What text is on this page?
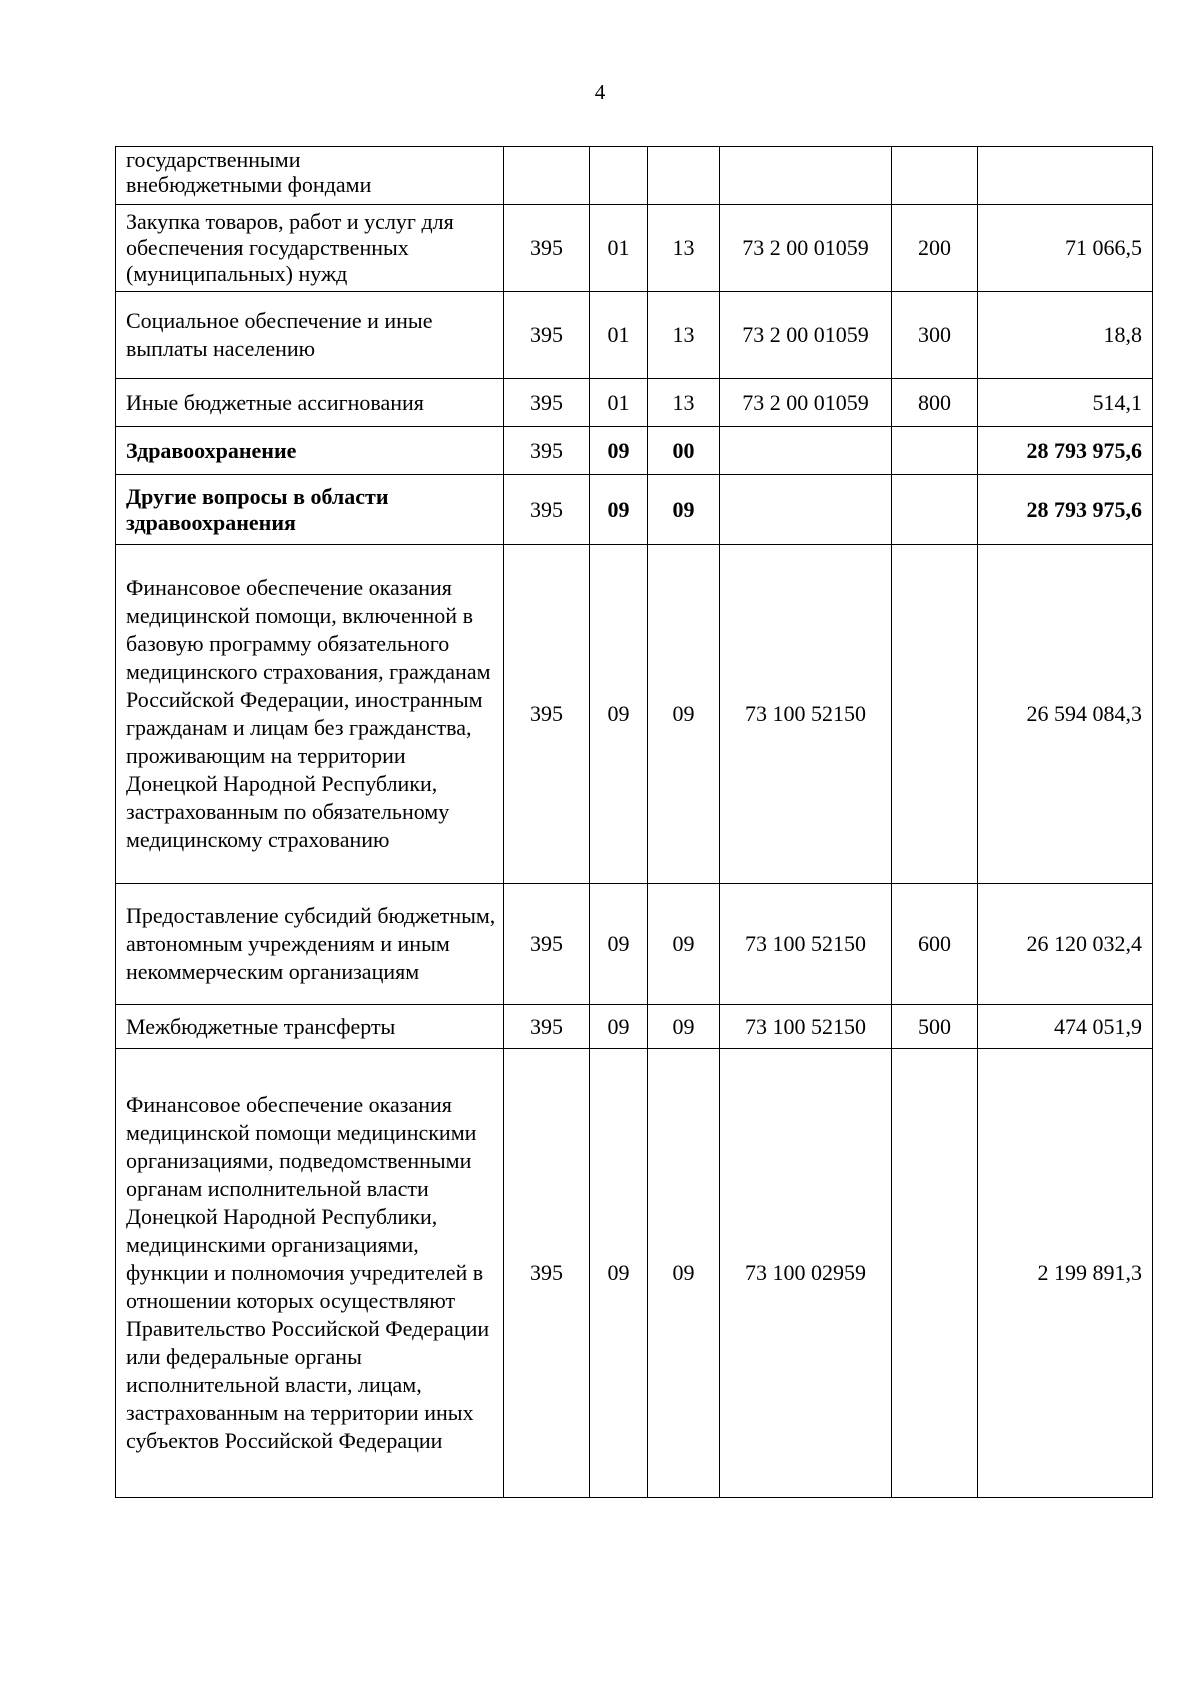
4
государственными
внебюджетными фондами						
Закупка товаров, работ и услуг для обеспечения государственных (муниципальных) нужд	395	01	13	73 2 00 01059	200	71 066,5
Социальное обеспечение и иные выплаты населению	395	01	13	73 2 00 01059	300	18,8
Иные бюджетные ассигнования	395	01	13	73 2 00 01059	800	514,1
Здравоохранение	395	09	00			28 793 975,6
Другие вопросы в области здравоохранения	395	09	09			28 793 975,6
Финансовое обеспечение оказания медицинской помощи, включенной в базовую программу обязательного медицинского страхования, гражданам Российской Федерации, иностранным гражданам и лицам без гражданства, проживающим на территории Донецкой Народной Республики, застрахованным по обязательному медицинскому страхованию	395	09	09	73 100 52150		26 594 084,3
Предоставление субсидий бюджетным, автономным учреждениям и иным некоммерческим организациям	395	09	09	73 100 52150	600	26 120 032,4
Межбюджетные трансферты	395	09	09	73 100 52150	500	474 051,9
Финансовое обеспечение оказания медицинской помощи медицинскими организациями, подведомственными органам исполнительной власти Донецкой Народной Республики, медицинскими организациями, функции и полномочия учредителей в отношении которых осуществляют Правительство Российской Федерации или федеральные органы исполнительной власти, лицам, застрахованным на территории иных субъектов Российской Федерации	395	09	09	73 100 02959		2 199 891,3
